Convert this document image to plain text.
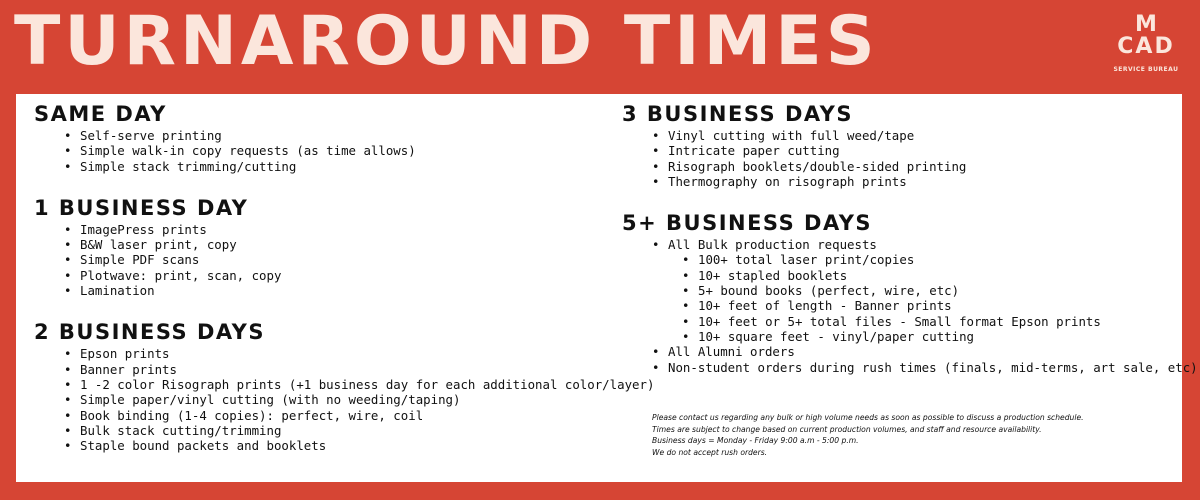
TURNAROUND TIMES	M
CAD
SERVICE BUREAU
SAME DAY
• Self-serve printing
• Simple walk-in copy requests (as time allows)
• Simple stack trimming/cutting
1 BUSINESS DAY
• ImagePress prints
• B&W laser print, copy
• Simple PDF scans
• Plotwave: print, scan, copy
• Lamination
2 BUSINESS DAYS
• Epson prints
• Banner prints
• 1 -2 color Risograph prints (+1 business day for each additional color/layer)
• Simple paper/vinyl cutting (with no weeding/taping)
• Book binding (1-4 copies): perfect, wire, coil
• Bulk stack cutting/trimming
• Staple bound packets and booklets
3 BUSINESS DAYS
• Vinyl cutting with full weed/tape
• Intricate paper cutting
• Risograph booklets/double-sided printing
• Thermography on risograph prints
5+ BUSINESS DAYS
• All Bulk production requests
• 100+ total laser print/copies
• 10+ stapled booklets
• 5+ bound books (perfect, wire, etc)
• 10+ feet of length - Banner prints
• 10+ feet or 5+ total files - Small format Epson prints
• 10+ square feet - vinyl/paper cutting
• All Alumni orders
• Non-student orders during rush times (finals, mid-terms, art sale, etc)
Please contact us regarding any bulk or high volume needs as soon as possible to discuss a production schedule.
Times are subject to change based on current production volumes, and staff and resource availability.
Business days = Monday - Friday 9:00 a.m - 5:00 p.m.
We do not accept rush orders.
